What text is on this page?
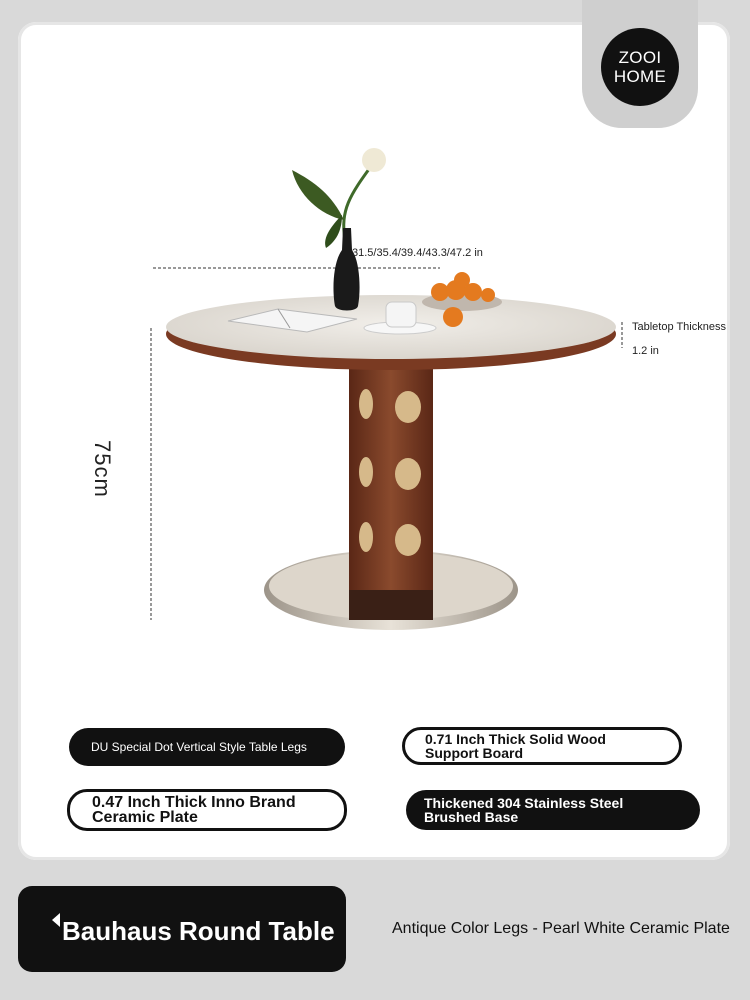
ZOOI
HOME
31.5/35.4/39.4/43.3/47.2 in
Tabletop Thickness
1.2 in
75cm
DU Special Dot Vertical Style Table Legs	0.71 Inch Thick Solid Wood
Support Board
0.47 Inch Thick Inno Brand
Ceramic Plate
Thickened 304 Stainless Steel
Brushed Base
Bauhaus Round Table	Antique Color Legs - Pearl White Ceramic Plate
